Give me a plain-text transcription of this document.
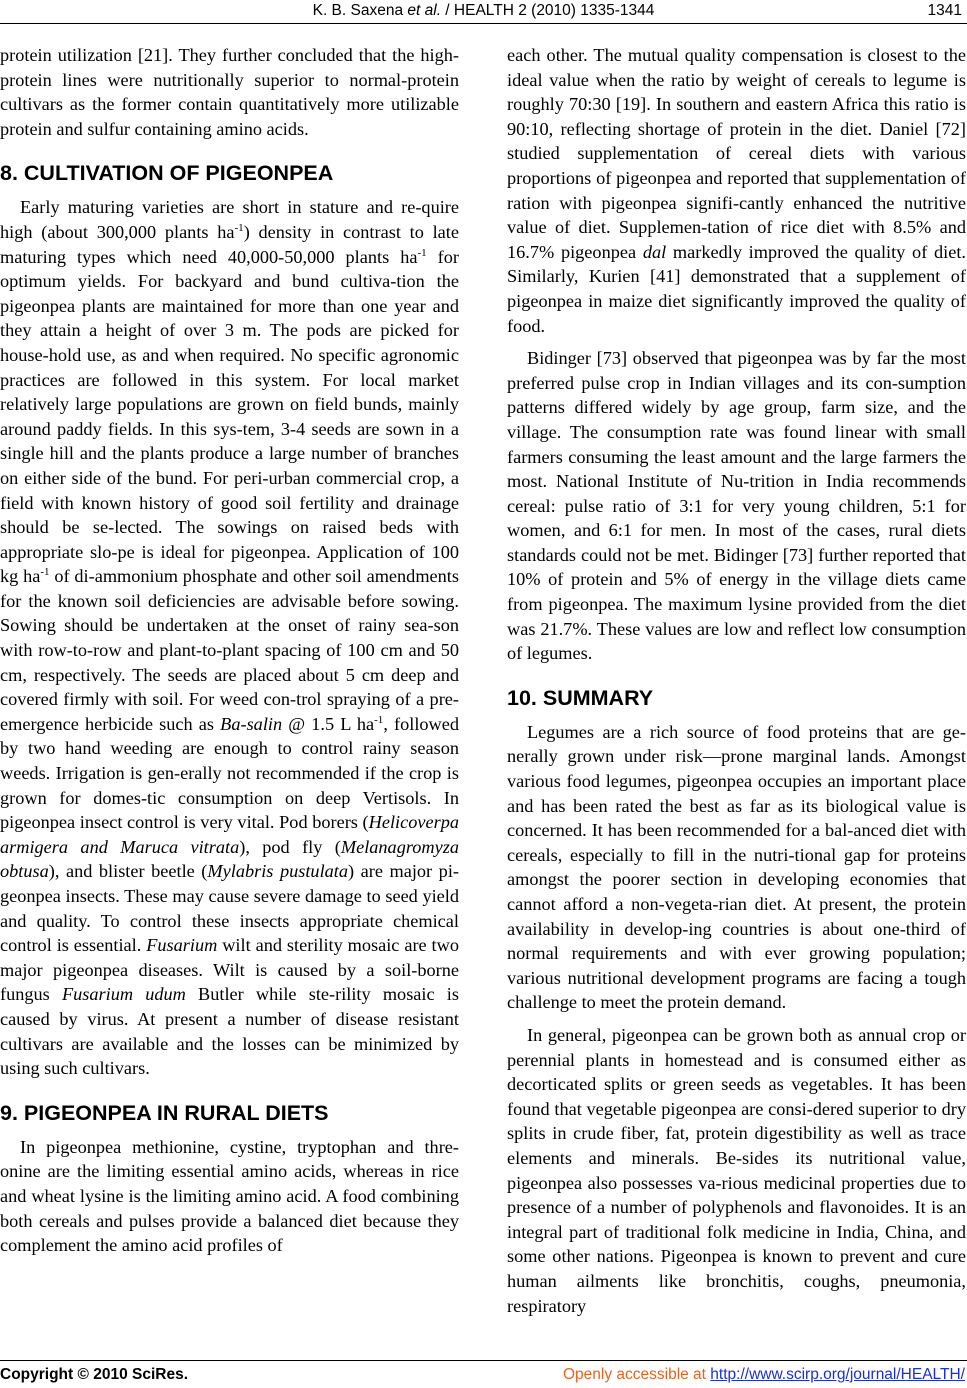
K. B. Saxena et al. / HEALTH 2 (2010) 1335-1344	1341

protein utilization [21]. They further concluded that the high-protein lines were nutritionally superior to normal-protein cultivars as the former contain quantitatively more utilizable protein and sulfur containing amino acids.

8. CULTIVATION OF PIGEONPEA

Early maturing varieties are short in stature and re-quire high (about 300,000 plants $ha^{-1}$) density in contrast to late maturing types which need 40,000-50,000 plants $ha^{-1}$ for optimum yields. For backyard and bund cultiva-tion the pigeonpea plants are maintained for more than one year and they attain a height of over 3 m. The pods are picked for house-hold use, as and when required. No specific agronomic practices are followed in this system. For local market relatively large populations are grown on field bunds, mainly around paddy fields. In this sys-tem, 3-4 seeds are sown in a single hill and the plants produce a large number of branches on either side of the bund. For peri-urban commercial crop, a field with known history of good soil fertility and drainage should be se-lected. The sowings on raised beds with appropriate slo-pe is ideal for pigeonpea. Application of 100 kg $ha^{-1}$ of di-ammonium phosphate and other soil amendments for the known soil deficiencies are advisable before sowing. Sowing should be undertaken at the onset of rainy sea-son with row-to-row and plant-to-plant spacing of 100 cm and 50 cm, respectively. The seeds are placed about 5 cm deep and covered firmly with soil. For weed con-trol spraying of a pre-emergence herbicide such as Ba-salin @ 1.5 L $ha^{-1}$, followed by two hand weeding are enough to control rainy season weeds. Irrigation is gen-erally not recommended if the crop is grown for domes-tic consumption on deep Vertisols. In pigeonpea insect control is very vital. Pod borers (Helicoverpa armigera and Maruca vitrata), pod fly (Melanagromyza obtusa), and blister beetle (Mylabris pustulata) are major pi-geonpea insects. These may cause severe damage to seed yield and quality. To control these insects appropriate chemical control is essential. Fusarium wilt and sterility mosaic are two major pigeonpea diseases. Wilt is caused by a soil-borne fungus Fusarium udum Butler while ste-rility mosaic is caused by virus. At present a number of disease resistant cultivars are available and the losses can be minimized by using such cultivars.

9. PIGEONPEA IN RURAL DIETS

In pigeonpea methionine, cystine, tryptophan and thre-onine are the limiting essential amino acids, whereas in rice and wheat lysine is the limiting amino acid. A food combining both cereals and pulses provide a balanced diet because they complement the amino acid profiles of

each other. The mutual quality compensation is closest to the ideal value when the ratio by weight of cereals to legume is roughly 70:30 [19]. In southern and eastern Africa this ratio is 90:10, reflecting shortage of protein in the diet. Daniel [72] studied supplementation of cereal diets with various proportions of pigeonpea and reported that supplementation of ration with pigeonpea signifi-cantly enhanced the nutritive value of diet. Supplemen-tation of rice diet with 8.5% and 16.7% pigeonpea dal markedly improved the quality of diet. Similarly, Kurien [41] demonstrated that a supplement of pigeonpea in maize diet significantly improved the quality of food.

Bidinger [73] observed that pigeonpea was by far the most preferred pulse crop in Indian villages and its con-sumption patterns differed widely by age group, farm size, and the village. The consumption rate was found linear with small farmers consuming the least amount and the large farmers the most. National Institute of Nu-trition in India recommends cereal: pulse ratio of 3:1 for very young children, 5:1 for women, and 6:1 for men. In most of the cases, rural diets standards could not be met. Bidinger [73] further reported that 10% of protein and 5% of energy in the village diets came from pigeonpea. The maximum lysine provided from the diet was 21.7%. These values are low and reflect low consumption of legumes.

10. SUMMARY

Legumes are a rich source of food proteins that are ge-nerally grown under risk—prone marginal lands. Amongst various food legumes, pigeonpea occupies an important place and has been rated the best as far as its biological value is concerned. It has been recommended for a bal-anced diet with cereals, especially to fill in the nutri-tional gap for proteins amongst the poorer section in developing economies that cannot afford a non-vegeta-rian diet. At present, the protein availability in develop-ing countries is about one-third of normal requirements and with ever growing population; various nutritional development programs are facing a tough challenge to meet the protein demand.

In general, pigeonpea can be grown both as annual crop or perennial plants in homestead and is consumed either as decorticated splits or green seeds as vegetables. It has been found that vegetable pigeonpea are consi-dered superior to dry splits in crude fiber, fat, protein digestibility as well as trace elements and minerals. Be-sides its nutritional value, pigeonpea also possesses va-rious medicinal properties due to presence of a number of polyphenols and flavonoides. It is an integral part of traditional folk medicine in India, China, and some other nations. Pigeonpea is known to prevent and cure human ailments like bronchitis, coughs, pneumonia, respiratory

Copyright © 2010 SciRes.	Openly accessible at http://www.scirp.org/journal/HEALTH/
